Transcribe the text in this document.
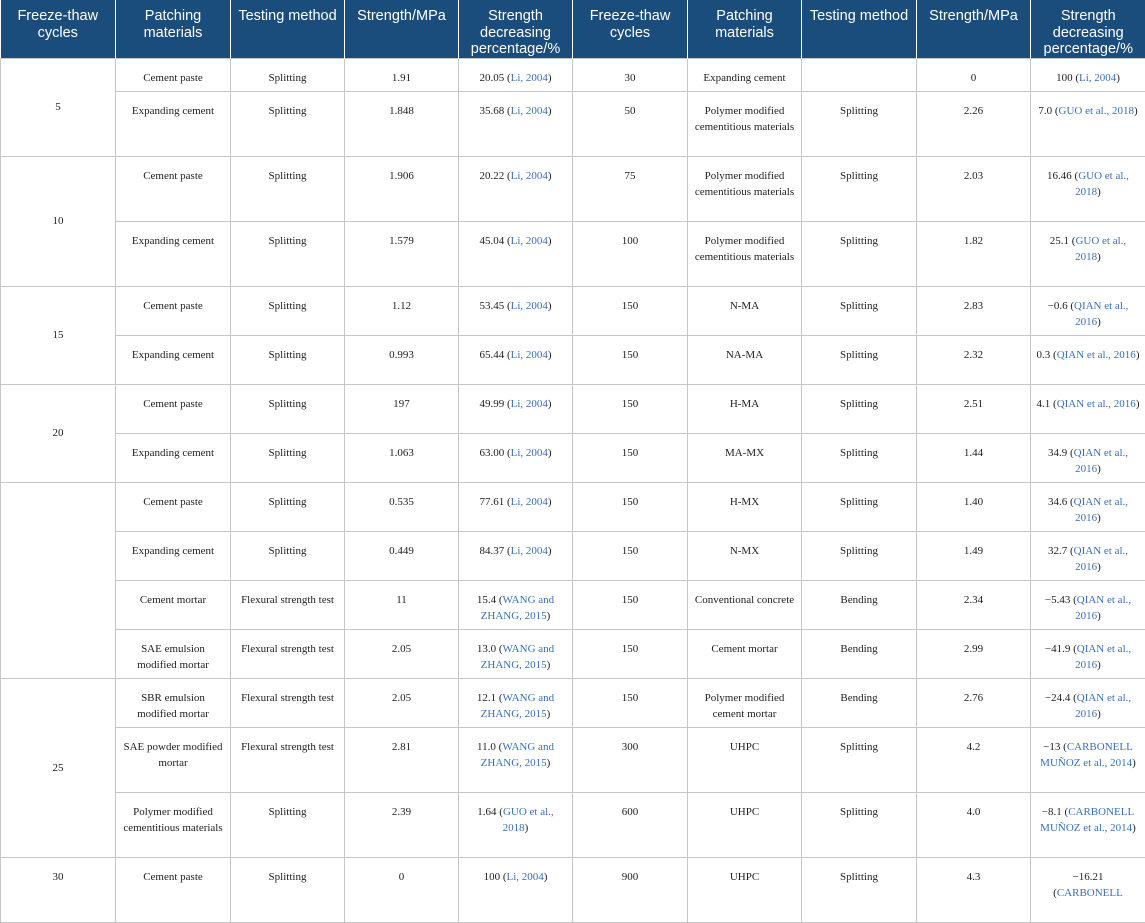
Freeze-thaw cycles	Patching materials	Testing method	Strength/MPa	Strength decreasing percentage/%	Freeze-thaw cycles	Patching materials	Testing method	Strength/MPa	Strength decreasing percentage/%
5	Cement paste	Splitting	1.91	20.05 (Li, 2004)	30	Expanding cement		0	100 (Li, 2004)
	Expanding cement	Splitting	1.848	35.68 (Li, 2004)	50	Polymer modified cementitious materials	Splitting	2.26	7.0 (GUO et al., 2018)
10	Cement paste	Splitting	1.906	20.22 (Li, 2004)	75	Polymer modified cementitious materials	Splitting	2.03	16.46 (GUO et al., 2018)
	Expanding cement	Splitting	1.579	45.04 (Li, 2004)	100	Polymer modified cementitious materials	Splitting	1.82	25.1 (GUO et al., 2018)
15	Cement paste	Splitting	1.12	53.45 (Li, 2004)	150	N-MA	Splitting	2.83	−0.6 (QIAN et al., 2016)
	Expanding cement	Splitting	0.993	65.44 (Li, 2004)	150	NA-MA	Splitting	2.32	0.3 (QIAN et al., 2016)
20	Cement paste	Splitting	197	49.99 (Li, 2004)	150	H-MA	Splitting	2.51	4.1 (QIAN et al., 2016)
	Expanding cement	Splitting	1.063	63.00 (Li, 2004)	150	MA-MX	Splitting	1.44	34.9 (QIAN et al., 2016)
	Cement paste	Splitting	0.535	77.61 (Li, 2004)	150	H-MX	Splitting	1.40	34.6 (QIAN et al., 2016)
	Expanding cement	Splitting	0.449	84.37 (Li, 2004)	150	N-MX	Splitting	1.49	32.7 (QIAN et al., 2016)
	Cement mortar	Flexural strength test	11	15.4 (WANG and ZHANG, 2015)	150	Conventional concrete	Bending	2.34	−5.43 (QIAN et al., 2016)
	SAE emulsion modified mortar	Flexural strength test	2.05	13.0 (WANG and ZHANG, 2015)	150	Cement mortar	Bending	2.99	−41.9 (QIAN et al., 2016)
25	SBR emulsion modified mortar	Flexural strength test	2.05	12.1 (WANG and ZHANG, 2015)	150	Polymer modified cement mortar	Bending	2.76	−24.4 (QIAN et al., 2016)
	SAE powder modified mortar	Flexural strength test	2.81	11.0 (WANG and ZHANG, 2015)	300	UHPC	Splitting	4.2	−13 (CARBONELL MUÑOZ et al., 2014)
	Polymer modified cementitious materials	Splitting	2.39	1.64 (GUO et al., 2018)	600	UHPC	Splitting	4.0	−8.1 (CARBONELL MUÑOZ et al., 2014)
30	Cement paste	Splitting	0	100 (Li, 2004)	900	UHPC	Splitting	4.3	−16.21
(CARBONELL
